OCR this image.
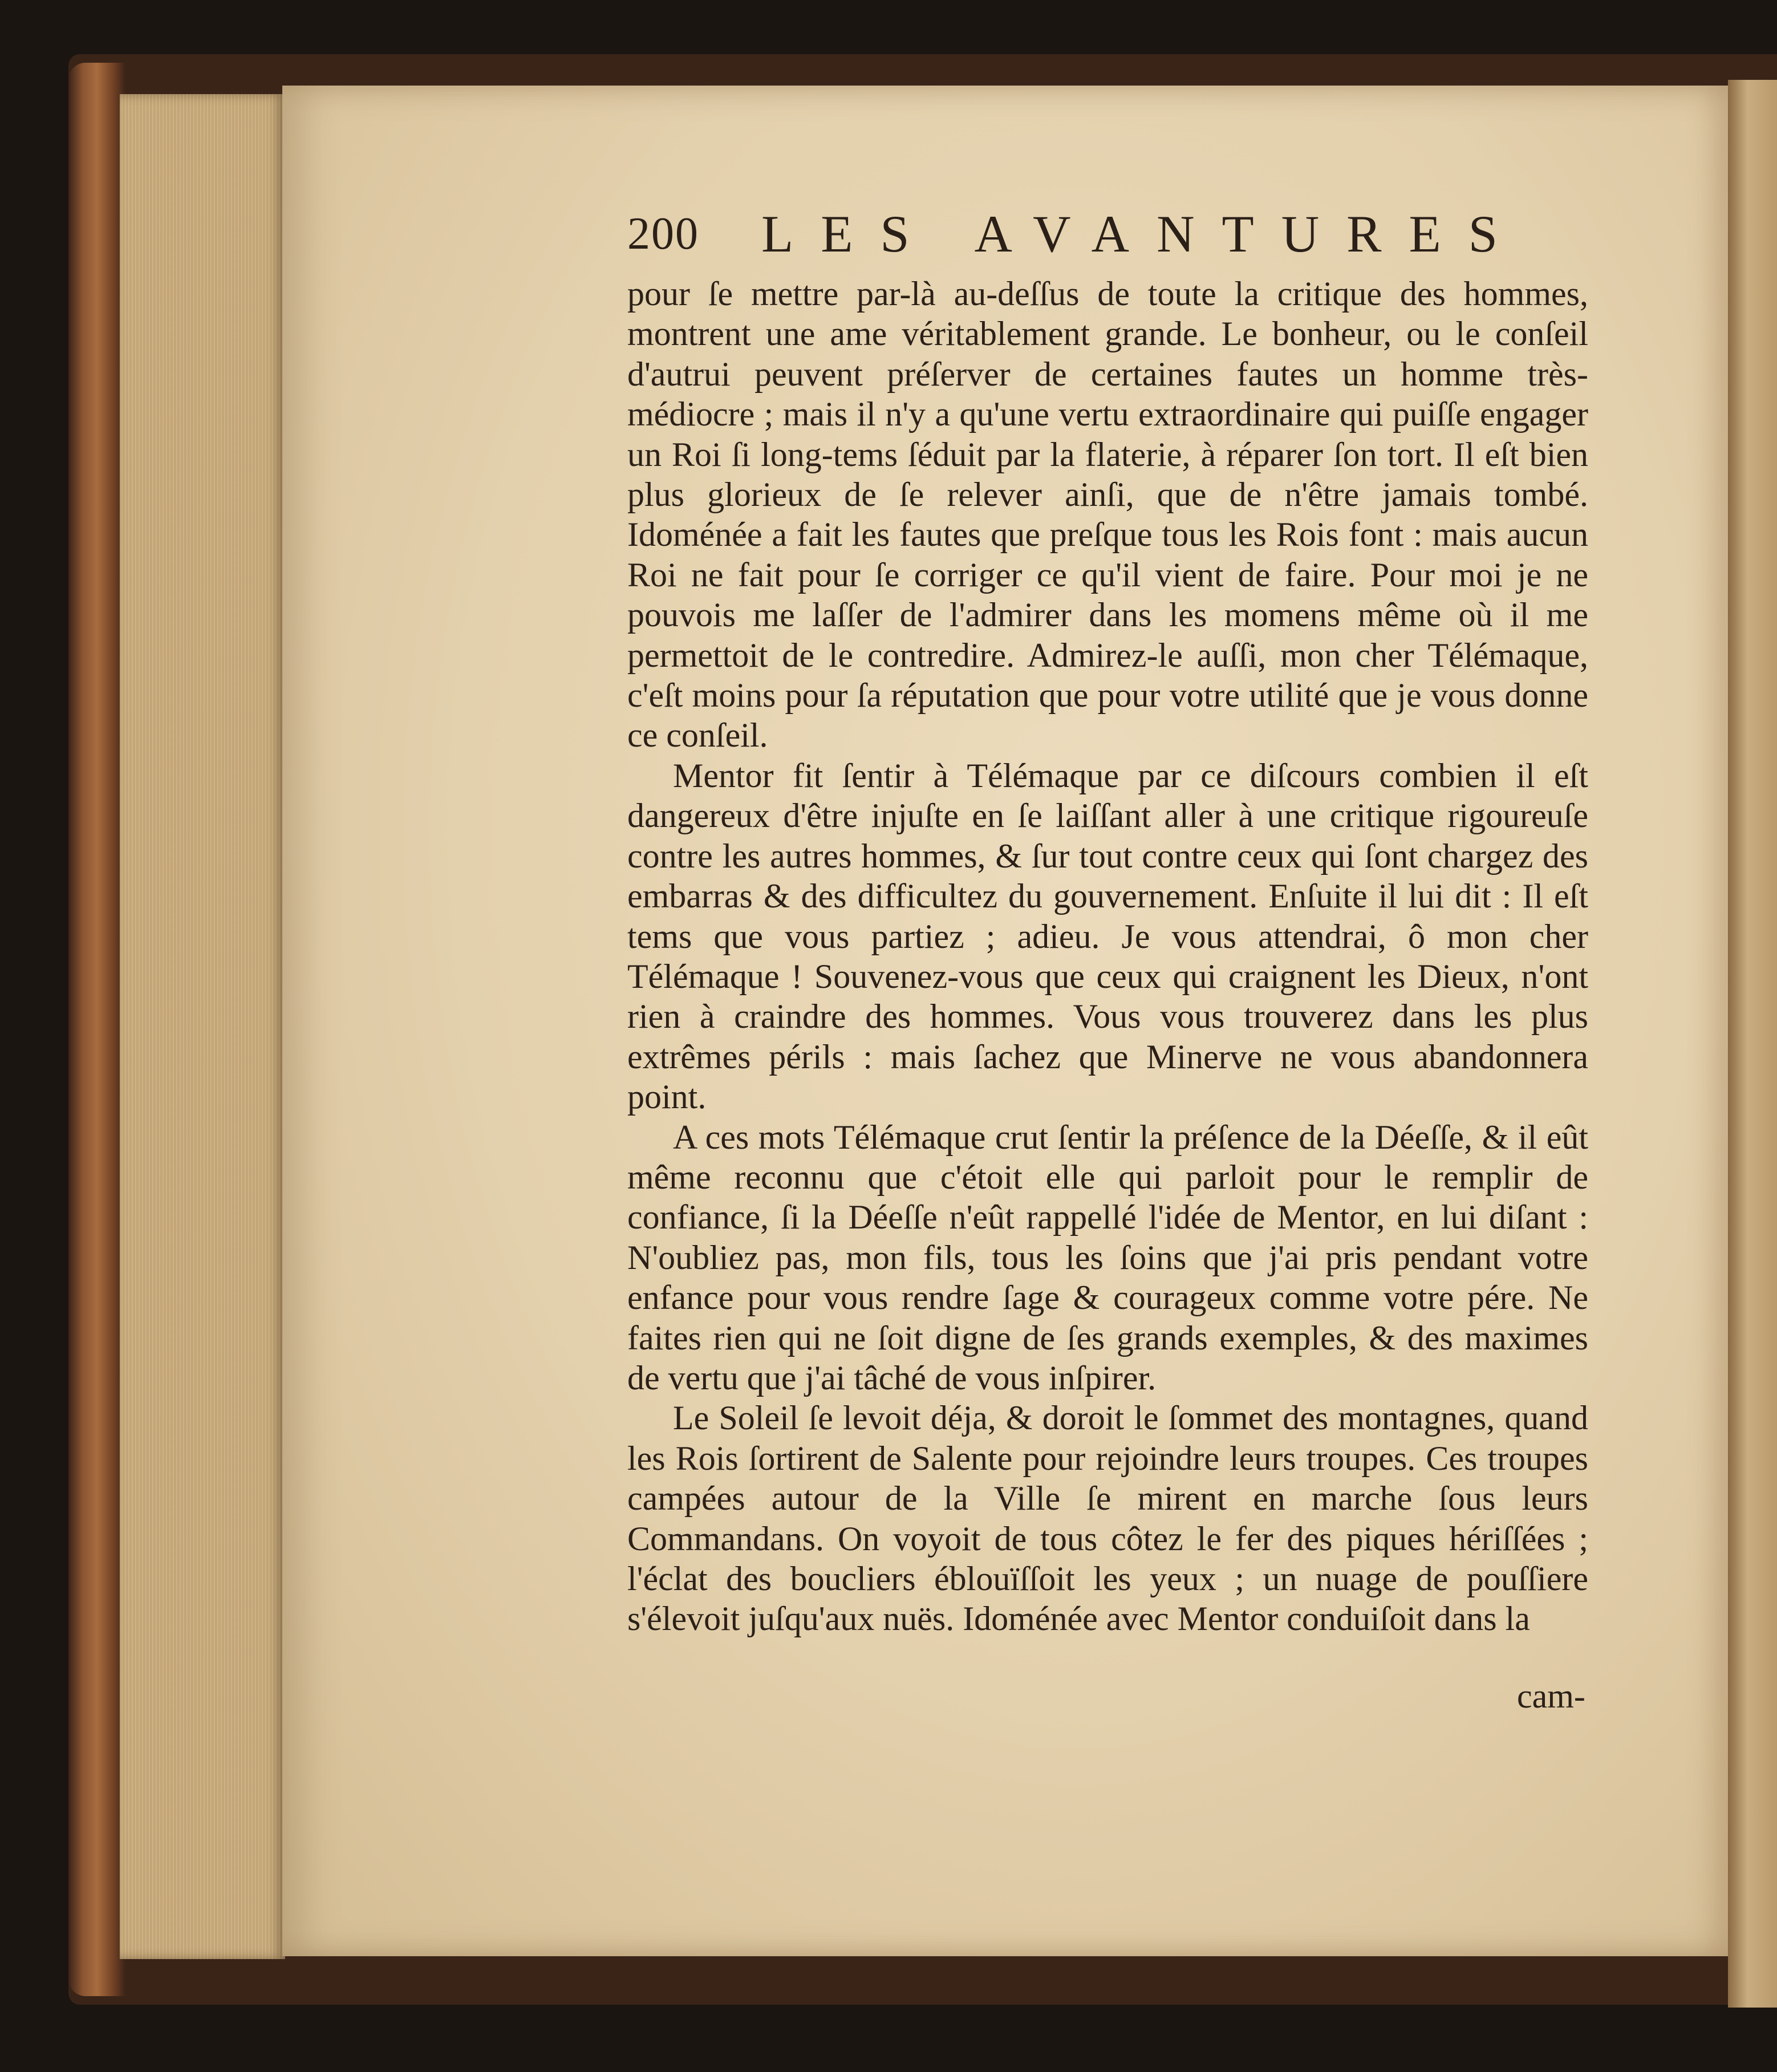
200 LES AVANTURES

pour ſe mettre par-là au-deſſus de toute la critique des hommes, montrent une ame véritablement grande. Le bonheur, ou le conſeil d'autrui peuvent préſerver de certaines fautes un homme très-médiocre ; mais il n'y a qu'une vertu extraordinaire qui puiſſe engager un Roi ſi long-tems ſéduit par la flaterie, à réparer ſon tort. Il eſt bien plus glorieux de ſe relever ainſi, que de n'être jamais tombé. Idoménée a fait les fautes que preſque tous les Rois font : mais aucun Roi ne fait pour ſe corriger ce qu'il vient de faire. Pour moi je ne pouvois me laſſer de l'admirer dans les momens même où il me permettoit de le contredire. Admirez-le auſſi, mon cher Télémaque, c'eſt moins pour ſa réputation que pour votre utilité que je vous donne ce conſeil.

Mentor fit ſentir à Télémaque par ce diſcours combien il eſt dangereux d'être injuſte en ſe laiſſant aller à une critique rigoureuſe contre les autres hommes, & ſur tout contre ceux qui ſont chargez des embarras & des difficultez du gouvernement. Enſuite il lui dit : Il eſt tems que vous partiez ; adieu. Je vous attendrai, ô mon cher Télémaque ! Souvenez-vous que ceux qui craignent les Dieux, n'ont rien à craindre des hommes. Vous vous trouverez dans les plus extrêmes périls : mais ſachez que Minerve ne vous abandonnera point.

A ces mots Télémaque crut ſentir la préſence de la Déeſſe, & il eût même reconnu que c'étoit elle qui parloit pour le remplir de confiance, ſi la Déeſſe n'eût rappellé l'idée de Mentor, en lui diſant : N'oubliez pas, mon fils, tous les ſoins que j'ai pris pendant votre enfance pour vous rendre ſage & courageux comme votre pére. Ne faites rien qui ne ſoit digne de ſes grands exemples, & des maximes de vertu que j'ai tâché de vous inſpirer.

Le Soleil ſe levoit déja, & doroit le ſommet des montagnes, quand les Rois ſortirent de Salente pour rejoindre leurs troupes. Ces troupes campées autour de la Ville ſe mirent en marche ſous leurs Commandans. On voyoit de tous côtez le fer des piques hériſſées ; l'éclat des boucliers éblouïſſoit les yeux ; un nuage de pouſſiere s'élevoit juſqu'aux nuës. Idoménée avec Mentor conduiſoit dans la

cam-
